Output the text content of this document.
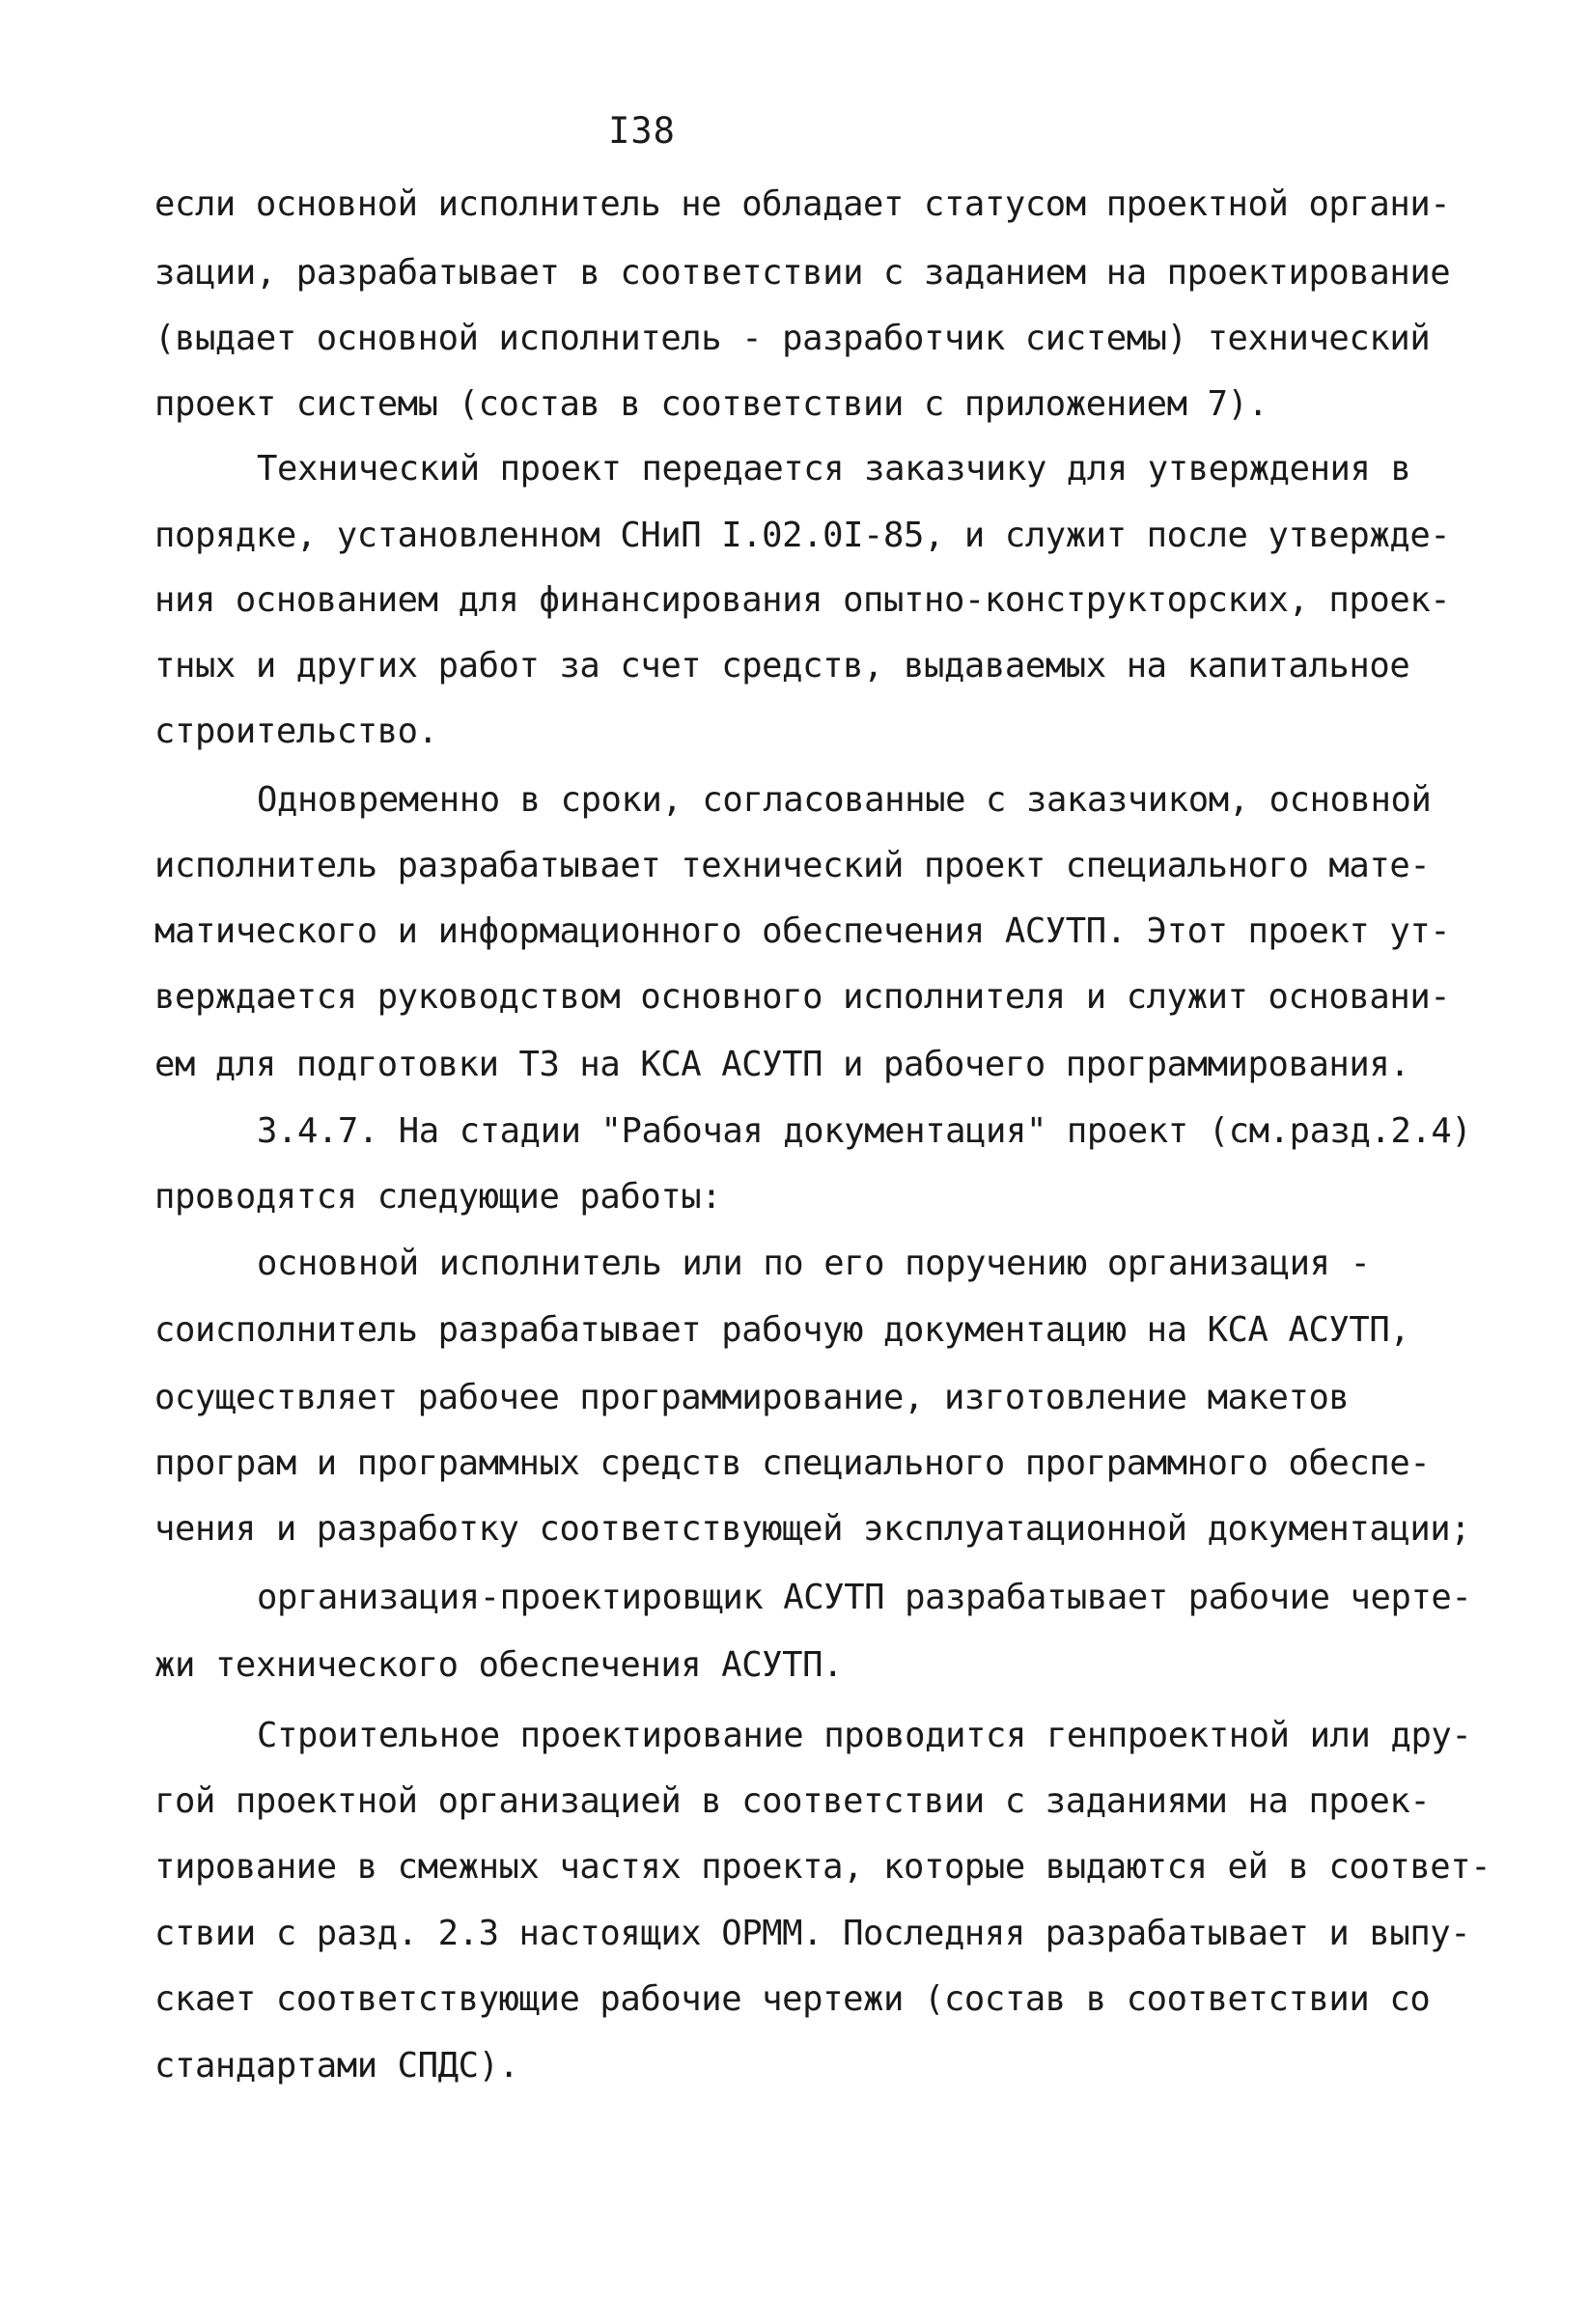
I38
если основной исполнитель не обладает статусом проектной органи-
зации, разрабатывает в соответствии с заданием на проектирование
(выдает основной исполнитель - разработчик системы) технический
проект системы (состав в соответствии с приложением 7).
Технический проект передается заказчику для утверждения в
порядке, установленном СНиП I.02.0I-85, и служит после утвержде-
ния основанием для финансирования опытно-конструкторских, проек-
тных и других работ за счет средств, выдаваемых на капитальное
строительство.
Одновременно в сроки, согласованные с заказчиком, основной
исполнитель разрабатывает технический проект специального мате-
матического и информационного обеспечения АСУТП. Этот проект ут-
верждается руководством основного исполнителя и служит основани-
ем для подготовки ТЗ на КСА АСУТП и рабочего программирования.
3.4.7. На стадии "Рабочая документация" проект (см.разд.2.4)
проводятся следующие работы:
основной исполнитель или по его поручению организация -
соисполнитель разрабатывает рабочую документацию на КСА АСУТП,
осуществляет рабочее программирование, изготовление макетов
програм и программных средств специального программного обеспе-
чения и разработку соответствующей эксплуатационной документации;
организация-проектировщик АСУТП разрабатывает рабочие черте-
жи технического обеспечения АСУТП.
Строительное проектирование проводится генпроектной или дру-
гой проектной организацией в соответствии с заданиями на проек-
тирование в смежных частях проекта, которые выдаются ей в соответ-
ствии с разд. 2.3 настоящих ОРММ. Последняя разрабатывает и выпу-
скает соответствующие рабочие чертежи (состав в соответствии со
стандартами СПДС).
